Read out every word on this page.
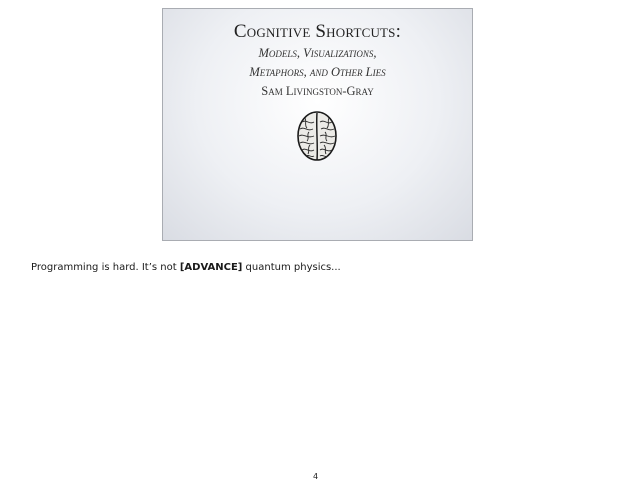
Cognitive Shortcuts:
Models, Visualizations,
Metaphors, and Other Lies
Sam Livingston-Gray
Programming is hard. It’s not [ADVANCE] quantum physics...
4
